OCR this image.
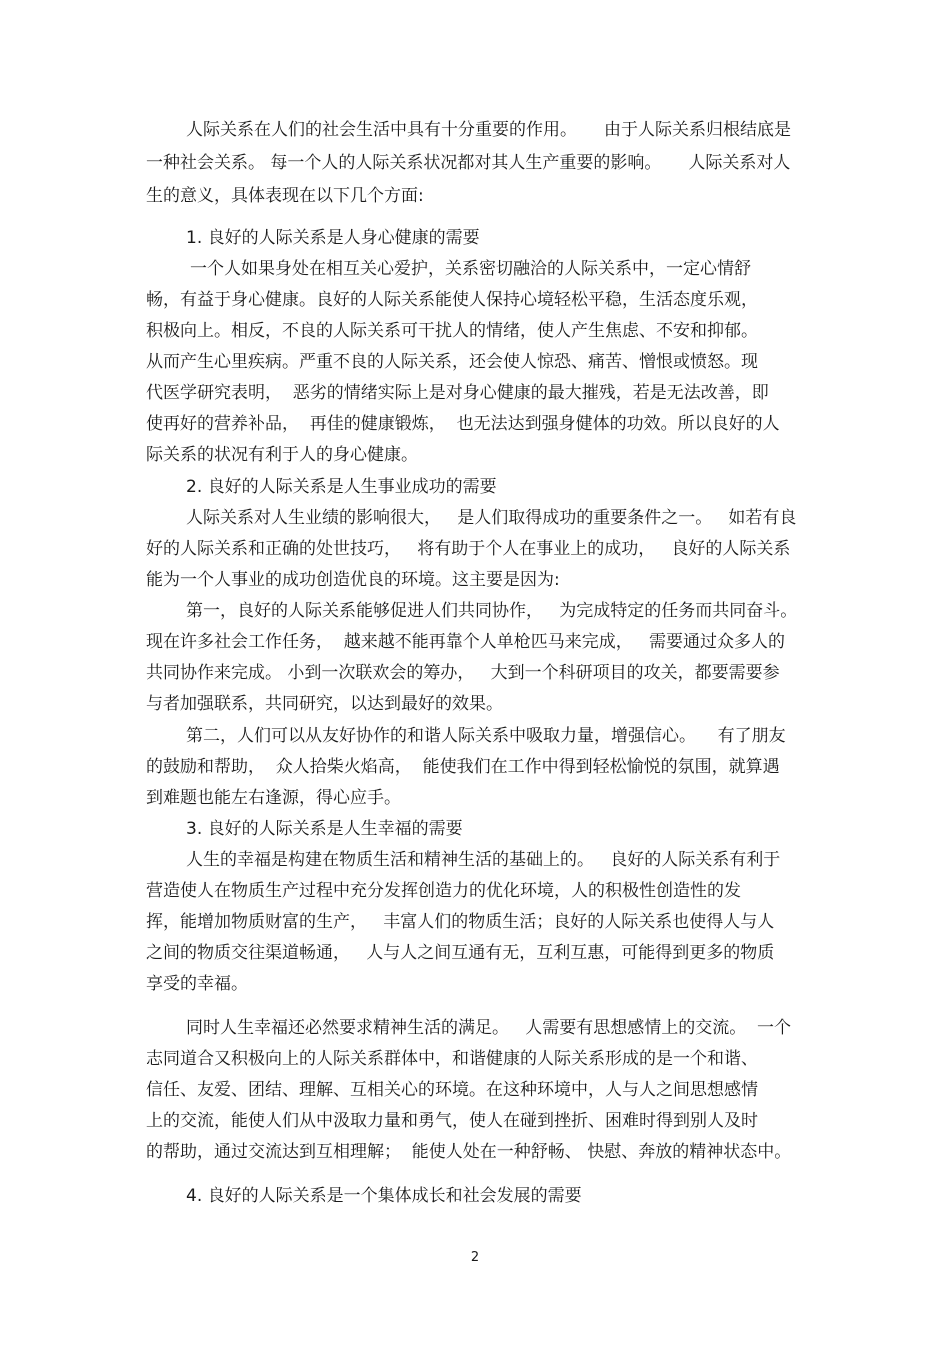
人际关系在人们的社会生活中具有十分重要的作用。     由于人际关系归根结底是

一种社会关系。 每一个人的人际关系状况都对其人生产重要的影响。     人际关系对人

生的意义，具体表现在以下几个方面:

1. 良好的人际关系是人身心健康的需要

一个人如果身处在相互关心爱护，关系密切融洽的人际关系中，一定心情舒

畅，有益于身心健康。良好的人际关系能使人保持心境轻松平稳，生活态度乐观，

积极向上。相反，不良的人际关系可干扰人的情绪，使人产生焦虑、不安和抑郁。

从而产生心里疾病。严重不良的人际关系，还会使人惊恐、痛苦、憎恨或愤怒。现

代医学研究表明，  恶劣的情绪实际上是对身心健康的最大摧残，若是无法改善，即

使再好的营养补品，  再佳的健康锻炼，  也无法达到强身健体的功效。所以良好的人

际关系的状况有利于人的身心健康。

2. 良好的人际关系是人生事业成功的需要

人际关系对人生业绩的影响很大，   是人们取得成功的重要条件之一。   如若有良

好的人际关系和正确的处世技巧，   将有助于个人在事业上的成功，   良好的人际关系

能为一个人事业的成功创造优良的环境。这主要是因为:

第一，良好的人际关系能够促进人们共同协作，   为完成特定的任务而共同奋斗。

现在许多社会工作任务，  越来越不能再靠个人单枪匹马来完成，   需要通过众多人的

共同协作来完成。 小到一次联欢会的筹办，   大到一个科研项目的攻关，都要需要参

与者加强联系，共同研究，以达到最好的效果。

第二，人们可以从友好协作的和谐人际关系中吸取力量，增强信心。    有了朋友

的鼓励和帮助，  众人拾柴火焰高，  能使我们在工作中得到轻松愉悦的氛围，就算遇

到难题也能左右逢源，得心应手。

3. 良好的人际关系是人生幸福的需要

人生的幸福是构建在物质生活和精神生活的基础上的。   良好的人际关系有利于

营造使人在物质生产过程中充分发挥创造力的优化环境，人的积极性创造性的发

挥，能增加物质财富的生产，   丰富人们的物质生活；良好的人际关系也使得人与人

之间的物质交往渠道畅通，   人与人之间互通有无，互利互惠，可能得到更多的物质

享受的幸福。

同时人生幸福还必然要求精神生活的满足。   人需要有思想感情上的交流。  一个

志同道合又积极向上的人际关系群体中，和谐健康的人际关系形成的是一个和谐、

信任、友爱、团结、理解、互相关心的环境。在这种环境中，人与人之间思想感情

上的交流，能使人们从中汲取力量和勇气，使人在碰到挫折、困难时得到别人及时

的帮助，通过交流达到互相理解；  能使人处在一种舒畅、 快慰、奔放的精神状态中。

4. 良好的人际关系是一个集体成长和社会发展的需要

2
